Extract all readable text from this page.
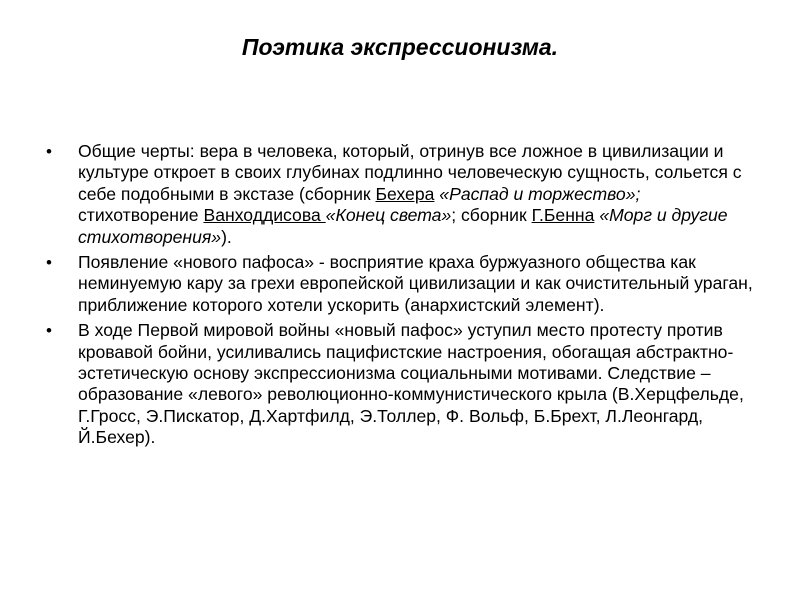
Поэтика экспрессионизма.
• Общие черты: вера в человека, который, отринув все ложное в цивилизации и культуре откроет в своих глубинах подлинно человеческую сущность, сольется с себе подобными в экстазе (сборник Бехера «Распад и торжество»; стихотворение Ванходдисова «Конец света»; сборник Г.Бенна «Морг и другие стихотворения»).
• Появление «нового пафоса» - восприятие краха буржуазного общества как неминуемую кару за грехи европейской цивилизации и как очистительный ураган, приближение которого хотели ускорить (анархистский элемент).
• В ходе Первой мировой войны «новый пафос» уступил место протесту против кровавой бойни, усиливались пацифистские настроения, обогащая абстрактно-эстетическую основу экспрессионизма социальными мотивами. Следствие – образование «левого» революционно-коммунистического крыла (В.Херцфельде, Г.Гросс, Э.Пискатор, Д.Хартфилд, Э.Толлер, Ф. Вольф, Б.Брехт, Л.Леонгард, Й.Бехер).
